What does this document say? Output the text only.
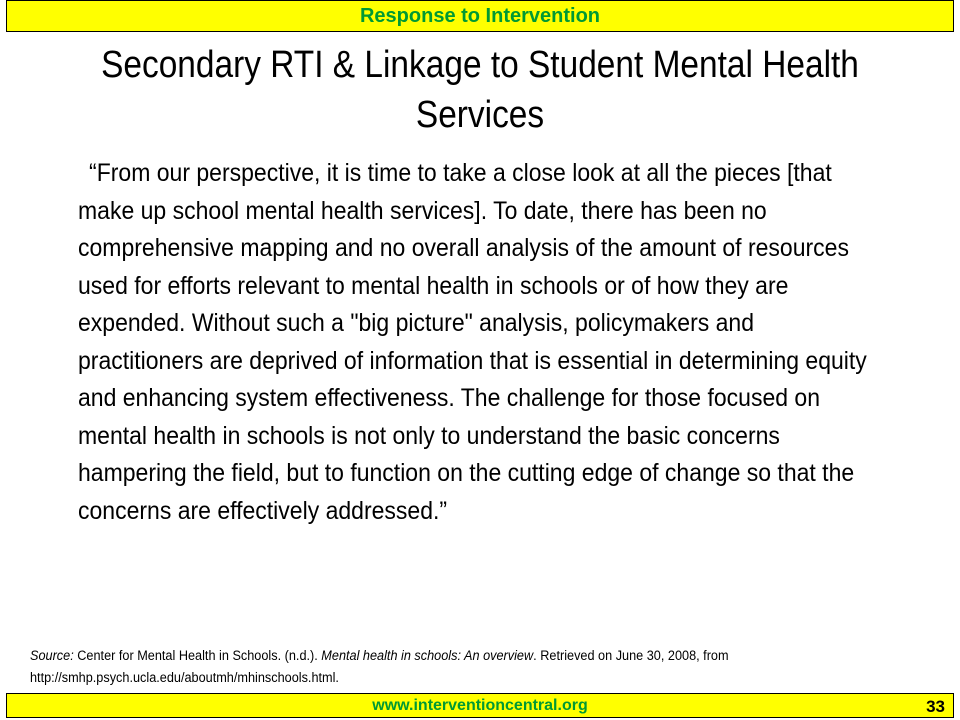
Response to Intervention
Secondary RTI & Linkage to Student Mental Health Services

“From our perspective, it is time to take a close look at all the pieces [that make up school mental health services]. To date, there has been no comprehensive mapping and no overall analysis of the amount of resources used for efforts relevant to mental health in schools or of how they are expended. Without such a "big picture" analysis, policymakers and practitioners are deprived of information that is essential in determining equity and enhancing system effectiveness. The challenge for those focused on mental health in schools is not only to understand the basic concerns hampering the field, but to function on the cutting edge of change so that the concerns are effectively addressed.”

Source: Center for Mental Health in Schools. (n.d.). Mental health in schools: An overview. Retrieved on June 30, 2008, from http://smhp.psych.ucla.edu/aboutmh/mhinschools.html.

www.interventioncentral.org	33
